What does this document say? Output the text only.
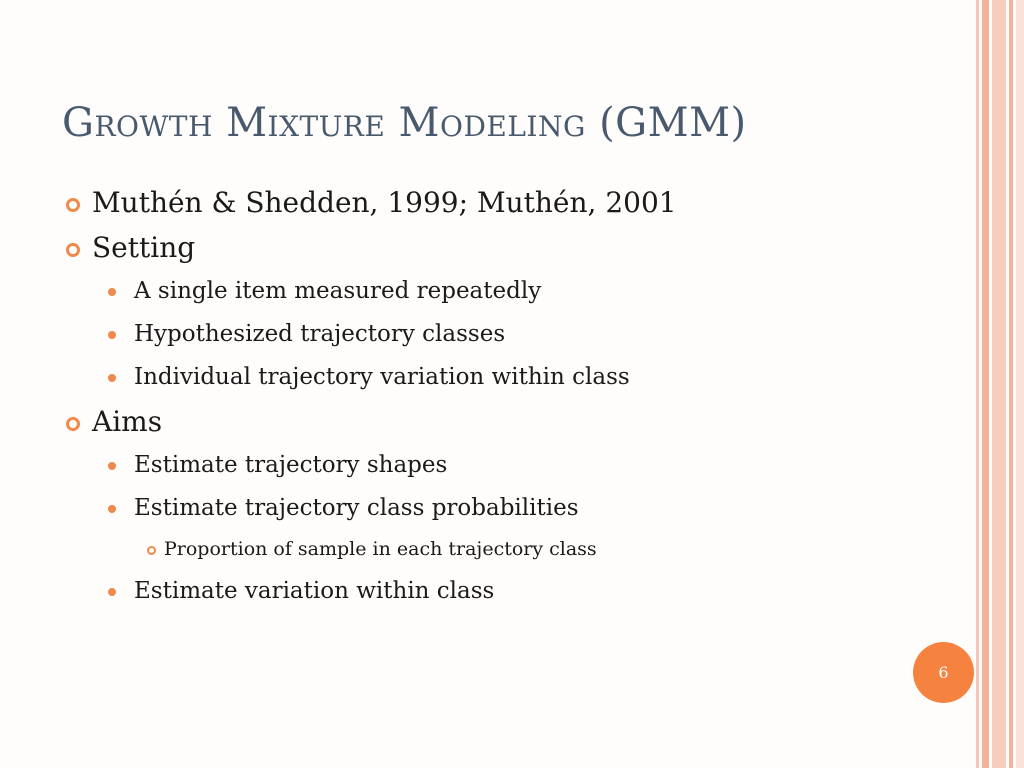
Growth Mixture Modeling (GMM)
Muthén & Shedden, 1999; Muthén, 2001
Setting
A single item measured repeatedly
Hypothesized trajectory classes
Individual trajectory variation within class
Aims
Estimate trajectory shapes
Estimate trajectory class probabilities
Proportion of sample in each trajectory class
Estimate variation within class
6
